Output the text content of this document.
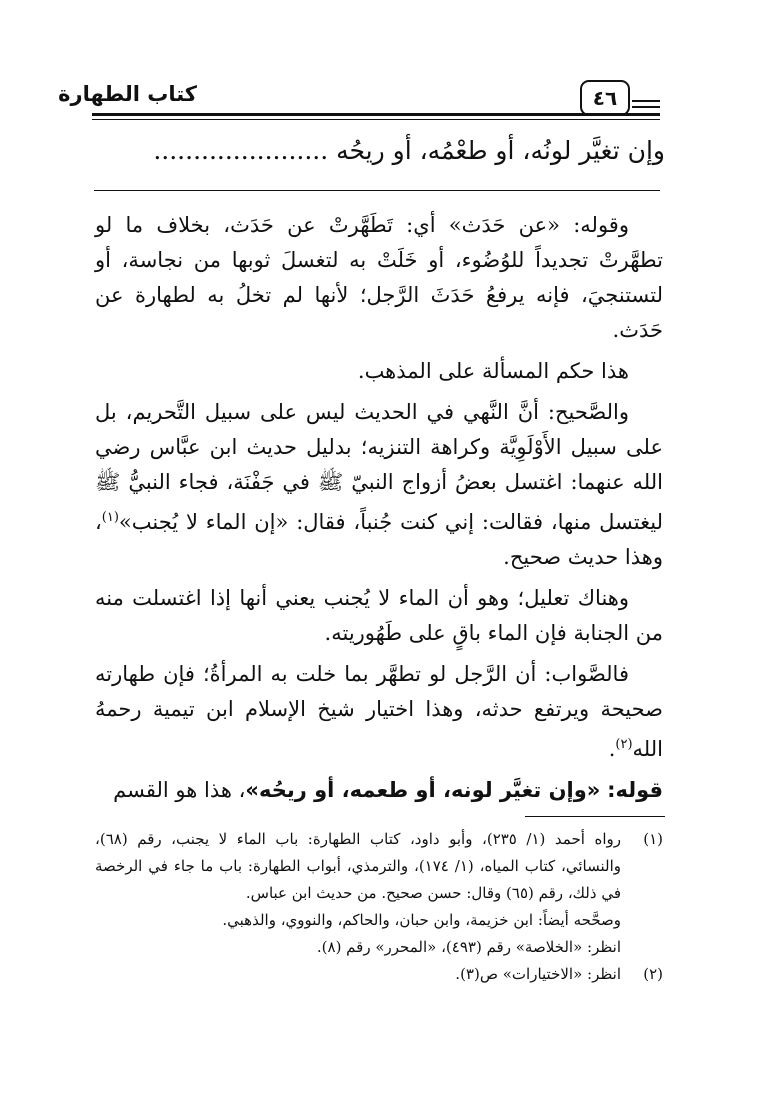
٤٦
كتاب الطهارة
وإن تغيَّر لونُه، أو طعْمُه، أو ريحُه ......................

وقوله: «عن حَدَث» أي: تَطَهَّرتْ عن حَدَث، بخلاف ما لو تطهَّرتْ تجديداً للوُضُوء، أو خَلَتْ به لتغسلَ ثوبها من نجاسة، أو لتستنجيَ، فإنه يرفعُ حَدَثَ الرَّجل؛ لأنها لم تخلُ به لطهارة عن حَدَث.

هذا حكم المسألة على المذهب.

والصَّحيح: أنَّ النَّهي في الحديث ليس على سبيل التَّحريم، بل على سبيل الأَوْلَوِيَّة وكراهة التنزيه؛ بدليل حديث ابن عبَّاس رضي الله عنهما: اغتسل بعضُ أزواج النبيّ ﷺ في جَفْنَة، فجاء النبيُّ ﷺ ليغتسل منها، فقالت: إني كنت جُنباً، فقال: «إن الماء لا يُجنب»$^{(١)}$، وهذا حديث صحيح.

وهناك تعليل؛ وهو أن الماء لا يُجنب يعني أنها إذا اغتسلت منه من الجنابة فإن الماء باقٍ على طَهُوريته.

فالصَّواب: أن الرَّجل لو تطهَّر بما خلت به المرأةُ؛ فإن طهارته صحيحة ويرتفع حدثه، وهذا اختيار شيخ الإسلام ابن تيمية رحمهُ الله$^{(٢)}$.

قوله: «وإن تغيَّر لونه، أو طعمه، أو ريحُه»، هذا هو القسم

(١)
رواه أحمد (١/ ٢٣٥)، وأبو داود، كتاب الطهارة: باب الماء لا يجنب، رقم (٦٨)، والنسائي، كتاب المياه، (١/ ١٧٤)، والترمذي، أبواب الطهارة: باب ما جاء في الرخصة في ذلك، رقم (٦٥) وقال: حسن صحيح. من حديث ابن عباس.
وصحَّحه أيضاً: ابن خزيمة، وابن حبان، والحاكم، والنووي، والذهبي.
انظر: «الخلاصة» رقم (٤٩٣)، «المحرر» رقم (٨).
(٢)
انظر: «الاختيارات» ص(٣).
